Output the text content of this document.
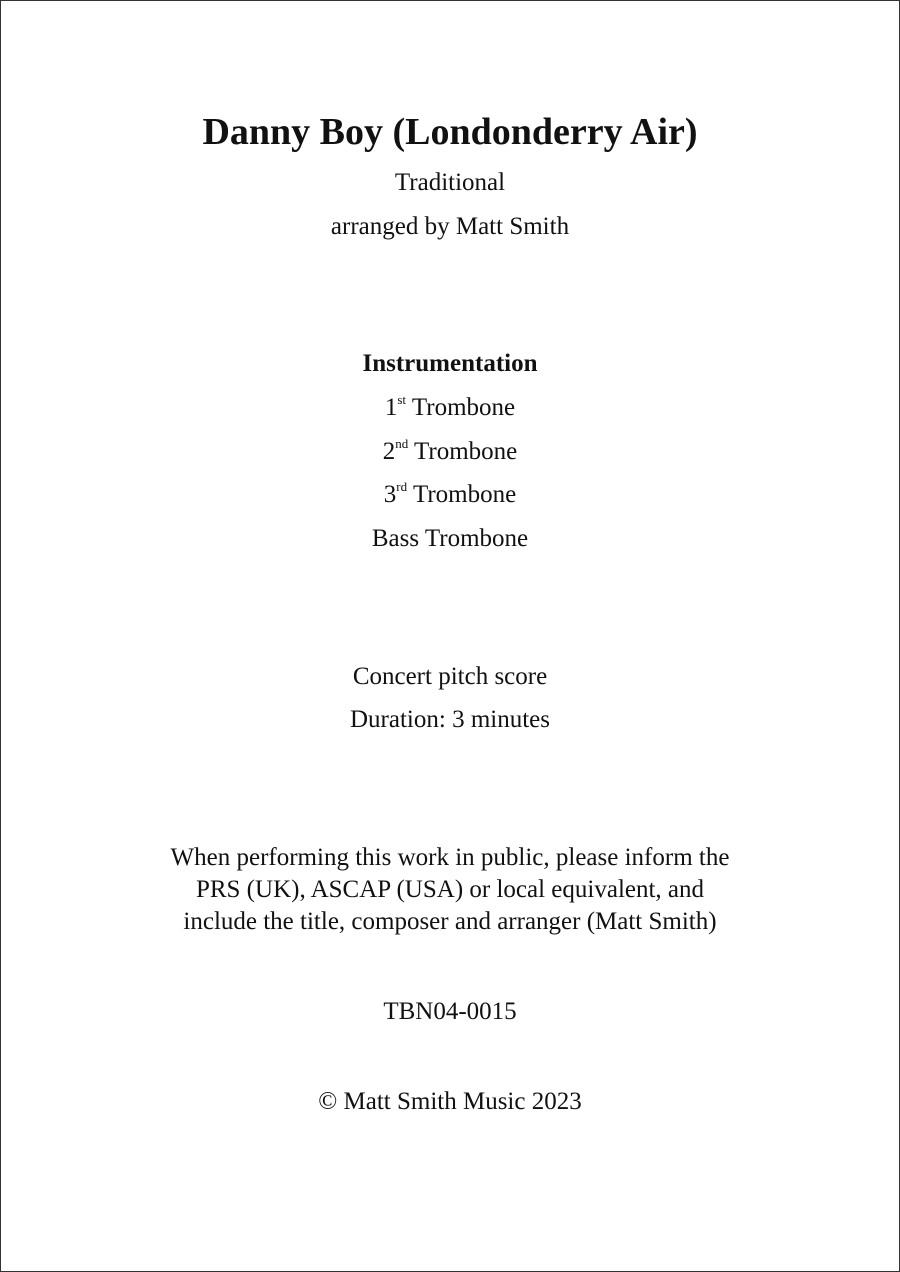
Danny Boy (Londonderry Air)
Traditional
arranged by Matt Smith
Instrumentation
1st Trombone
2nd Trombone
3rd Trombone
Bass Trombone
Concert pitch score
Duration: 3 minutes
When performing this work in public, please inform the
PRS (UK), ASCAP (USA) or local equivalent, and
include the title, composer and arranger (Matt Smith)
TBN04-0015
© Matt Smith Music 2023
